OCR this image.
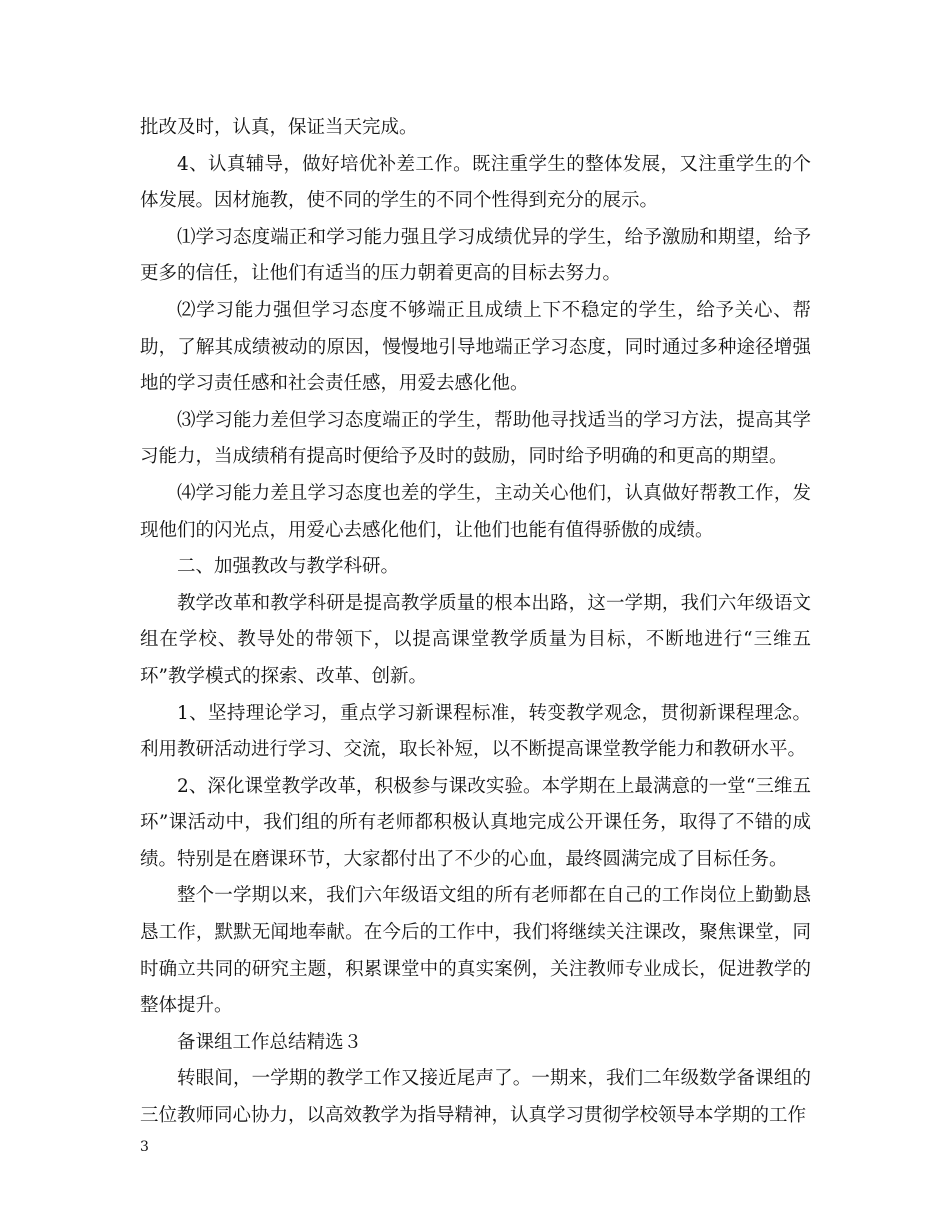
批改及时，认真，保证当天完成。

4、认真辅导，做好培优补差工作。既注重学生的整体发展，又注重学生的个体发展。因材施教，使不同的学生的不同个性得到充分的展示。

⑴学习态度端正和学习能力强且学习成绩优异的学生，给予激励和期望，给予更多的信任，让他们有适当的压力朝着更高的目标去努力。

⑵学习能力强但学习态度不够端正且成绩上下不稳定的学生，给予关心、帮助，了解其成绩被动的原因，慢慢地引导地端正学习态度，同时通过多种途径增强地的学习责任感和社会责任感，用爱去感化他。

⑶学习能力差但学习态度端正的学生，帮助他寻找适当的学习方法，提高其学习能力，当成绩稍有提高时便给予及时的鼓励，同时给予明确的和更高的期望。

⑷学习能力差且学习态度也差的学生，主动关心他们，认真做好帮教工作，发现他们的闪光点，用爱心去感化他们，让他们也能有值得骄傲的成绩。

二、加强教改与教学科研。

教学改革和教学科研是提高教学质量的根本出路，这一学期，我们六年级语文组在学校、教导处的带领下，以提高课堂教学质量为目标，不断地进行“三维五环”教学模式的探索、改革、创新。

1、坚持理论学习，重点学习新课程标准，转变教学观念，贯彻新课程理念。利用教研活动进行学习、交流，取长补短，以不断提高课堂教学能力和教研水平。

2、深化课堂教学改革，积极参与课改实验。本学期在上最满意的一堂“三维五环”课活动中，我们组的所有老师都积极认真地完成公开课任务，取得了不错的成绩。特别是在磨课环节，大家都付出了不少的心血，最终圆满完成了目标任务。

整个一学期以来，我们六年级语文组的所有老师都在自己的工作岗位上勤勤恳恳工作，默默无闻地奉献。在今后的工作中，我们将继续关注课改，聚焦课堂，同时确立共同的研究主题，积累课堂中的真实案例，关注教师专业成长，促进教学的整体提升。

备课组工作总结精选３

转眼间，一学期的教学工作又接近尾声了。一期来，我们二年级数学备课组的三位教师同心协力，以高效教学为指导精神，认真学习贯彻学校领导本学期的工作

3
